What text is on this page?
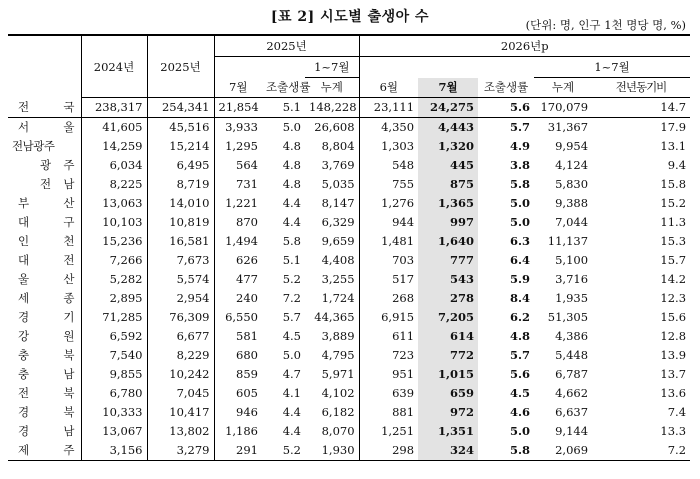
[표 2] 시도별 출생아 수	(단위: 명, 인구 1천 명당 명, %)
	2024년	2025년	2025년			2026년p				
					1~7월				1~7월	
			7월	조출생률	누계	6월	7월	조출생률	누계	전년동기비
전　국	238,317	254,341	21,854	5.1	148,228	23,111	24,275	5.6	170,079	14.7
서　울	41,605	45,516	3,933	5.0	26,608	4,350	4,443	5.7	31,367	17.9
전남광주	14,259	15,214	1,295	4.8	8,804	1,303	1,320	4.9	9,954	13.1
광　주	6,034	6,495	564	4.8	3,769	548	445	3.8	4,124	9.4
전　남	8,225	8,719	731	4.8	5,035	755	875	5.8	5,830	15.8
부　산	13,063	14,010	1,221	4.4	8,147	1,276	1,365	5.0	9,388	15.2
대　구	10,103	10,819	870	4.4	6,329	944	997	5.0	7,044	11.3
인　천	15,236	16,581	1,494	5.8	9,659	1,481	1,640	6.3	11,137	15.3
대　전	7,266	7,673	626	5.1	4,408	703	777	6.4	5,100	15.7
울　산	5,282	5,574	477	5.2	3,255	517	543	5.9	3,716	14.2
세　종	2,895	2,954	240	7.2	1,724	268	278	8.4	1,935	12.3
경　기	71,285	76,309	6,550	5.7	44,365	6,915	7,205	6.2	51,305	15.6
강　원	6,592	6,677	581	4.5	3,889	611	614	4.8	4,386	12.8
충　북	7,540	8,229	680	5.0	4,795	723	772	5.7	5,448	13.9
충　남	9,855	10,242	859	4.7	5,971	951	1,015	5.6	6,787	13.7
전　북	6,780	7,045	605	4.1	4,102	639	659	4.5	4,662	13.6
경　북	10,333	10,417	946	4.4	6,182	881	972	4.6	6,637	7.4
경　남	13,067	13,802	1,186	4.4	8,070	1,251	1,351	5.0	9,144	13.3
제　주	3,156	3,279	291	5.2	1,930	298	324	5.8	2,069	7.2
